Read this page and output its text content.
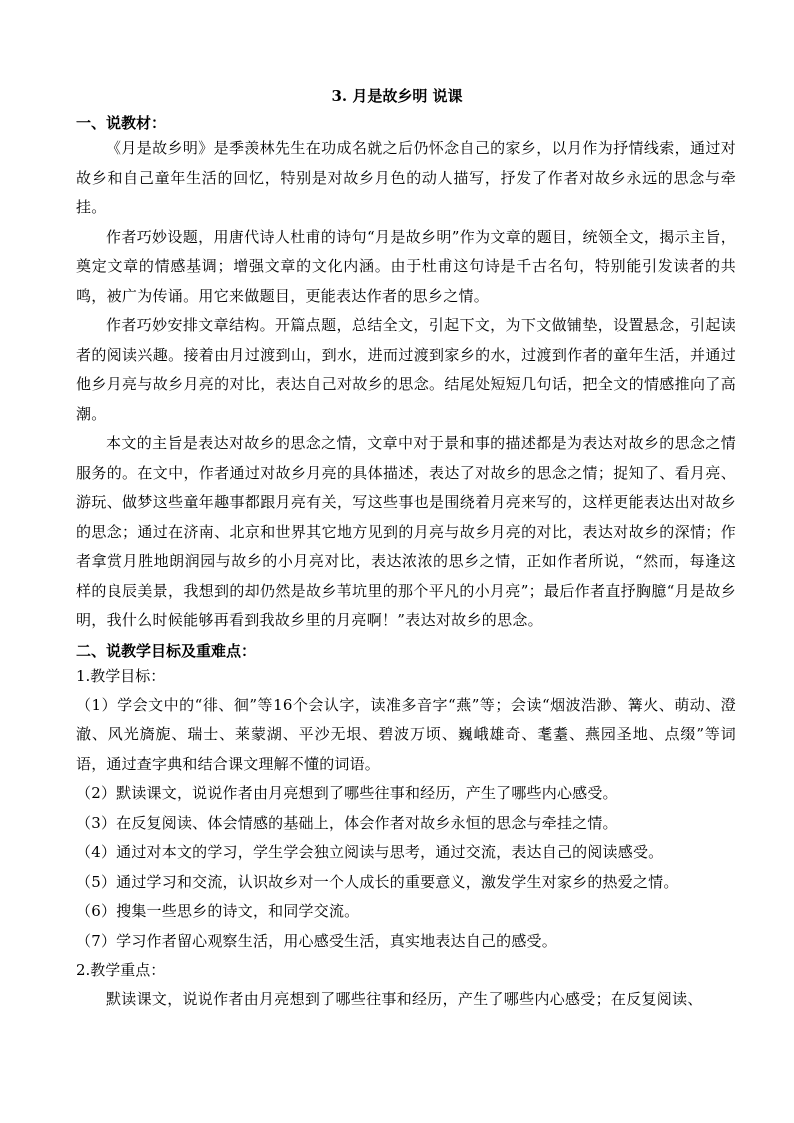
3. 月是故乡明 说课
一、说教材：

《月是故乡明》是季羡林先生在功成名就之后仍怀念自己的家乡，以月作为抒情线索，通过对故乡和自己童年生活的回忆，特别是对故乡月色的动人描写，抒发了作者对故乡永远的思念与牵挂。

作者巧妙设题，用唐代诗人杜甫的诗句“月是故乡明”作为文章的题目，统领全文，揭示主旨，奠定文章的情感基调；增强文章的文化内涵。由于杜甫这句诗是千古名句，特别能引发读者的共鸣，被广为传诵。用它来做题目，更能表达作者的思乡之情。

作者巧妙安排文章结构。开篇点题，总结全文，引起下文，为下文做铺垫，设置悬念，引起读者的阅读兴趣。接着由月过渡到山，到水，进而过渡到家乡的水，过渡到作者的童年生活，并通过他乡月亮与故乡月亮的对比，表达自己对故乡的思念。结尾处短短几句话，把全文的情感推向了高潮。

本文的主旨是表达对故乡的思念之情，文章中对于景和事的描述都是为表达对故乡的思念之情服务的。在文中，作者通过对故乡月亮的具体描述，表达了对故乡的思念之情；捉知了、看月亮、游玩、做梦这些童年趣事都跟月亮有关，写这些事也是围绕着月亮来写的，这样更能表达出对故乡的思念；通过在济南、北京和世界其它地方见到的月亮与故乡月亮的对比，表达对故乡的深情；作者拿赏月胜地朗润园与故乡的小月亮对比，表达浓浓的思乡之情，正如作者所说，“然而，每逢这样的良辰美景，我想到的却仍然是故乡苇坑里的那个平凡的小月亮”；最后作者直抒胸臆“月是故乡明，我什么时候能够再看到我故乡里的月亮啊！”表达对故乡的思念。

二、说教学目标及重难点：
1.教学目标：
（1）学会文中的“徘、徊”等16个会认字，读准多音字“燕”等；会读“烟波浩渺、篝火、萌动、澄澈、风光旖旎、瑞士、莱蒙湖、平沙无垠、碧波万顷、巍峨雄奇、耄耋、燕园圣地、点缀”等词语，通过查字典和结合课文理解不懂的词语。
（2）默读课文，说说作者由月亮想到了哪些往事和经历，产生了哪些内心感受。
（3）在反复阅读、体会情感的基础上，体会作者对故乡永恒的思念与牵挂之情。
（4）通过对本文的学习，学生学会独立阅读与思考，通过交流，表达自己的阅读感受。
（5）通过学习和交流，认识故乡对一个人成长的重要意义，激发学生对家乡的热爱之情。
（6）搜集一些思乡的诗文，和同学交流。
（7）学习作者留心观察生活，用心感受生活，真实地表达自己的感受。
2.教学重点：

默读课文，说说作者由月亮想到了哪些往事和经历，产生了哪些内心感受；在反复阅读、
